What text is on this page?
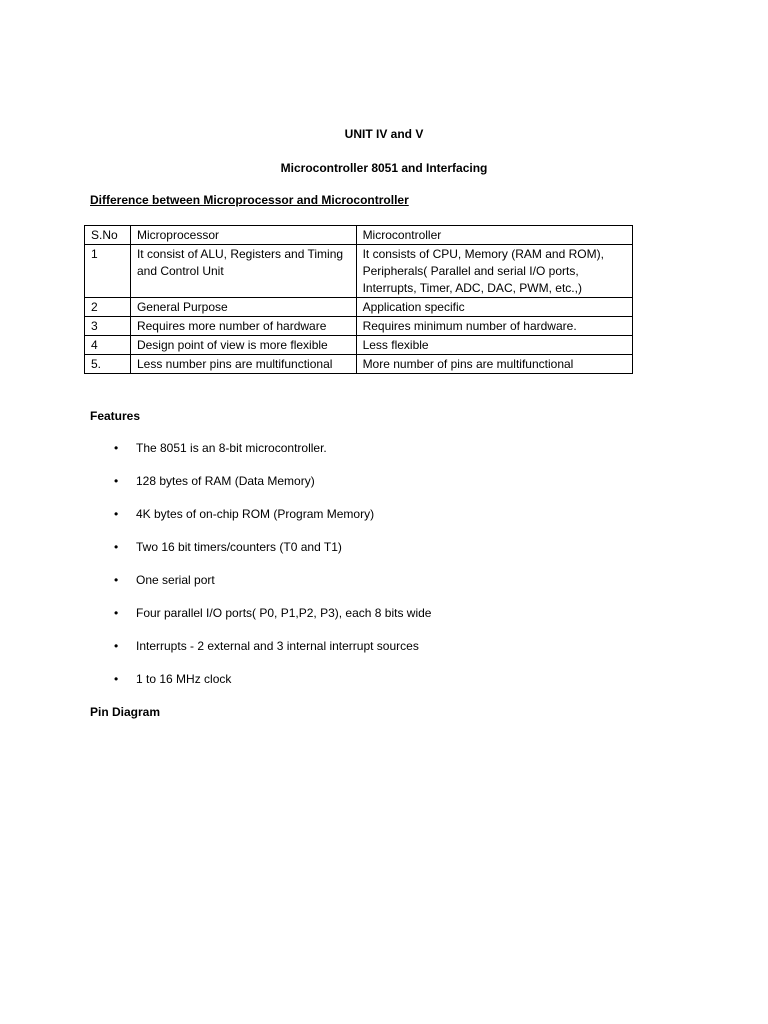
UNIT IV and V

Microcontroller 8051 and Interfacing

Difference between Microprocessor and Microcontroller

S.No	Microprocessor	Microcontroller
1	It consist of ALU, Registers and Timing and Control Unit	It consists of CPU, Memory (RAM and ROM), Peripherals( Parallel and serial I/O ports, Interrupts, Timer, ADC, DAC, PWM, etc.,)
2	General Purpose	Application specific
3	Requires more number of hardware	Requires minimum number of hardware.
4	Design point of view is more flexible	Less flexible
5.	Less number pins are multifunctional	More number of pins are multifunctional

Features

• The 8051 is an 8-bit microcontroller.
• 128 bytes of RAM (Data Memory)
• 4K bytes of on-chip ROM (Program Memory)
• Two 16 bit timers/counters (T0 and T1)
• One serial port
• Four parallel I/O ports( P0, P1,P2, P3), each 8 bits wide
• Interrupts - 2 external and 3 internal interrupt sources
• 1 to 16 MHz clock

Pin Diagram
